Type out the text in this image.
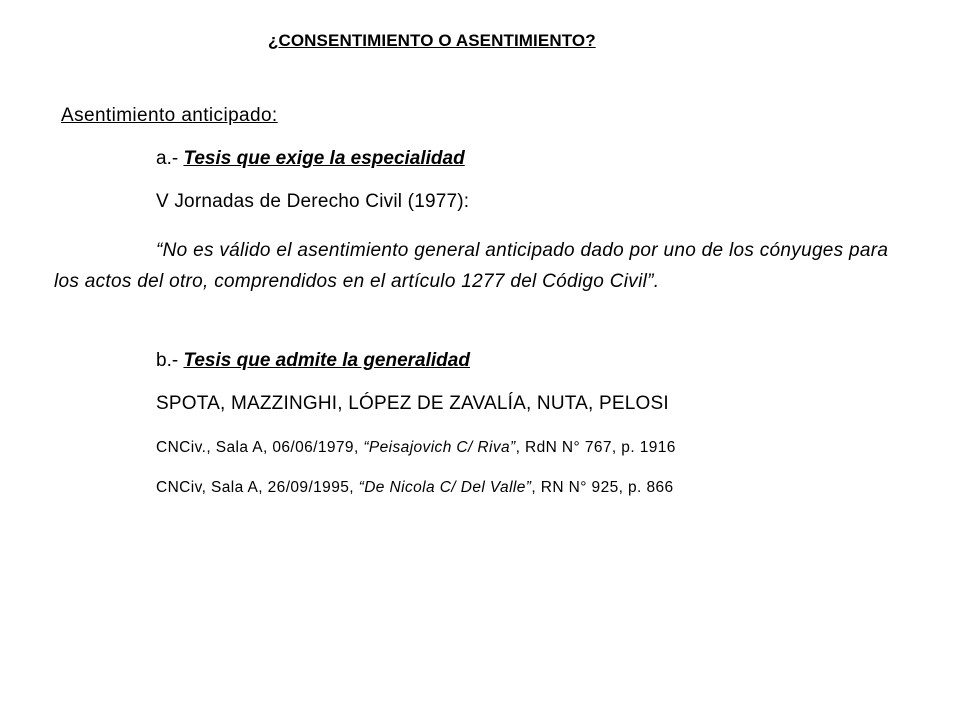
¿CONSENTIMIENTO O ASENTIMIENTO?
Asentimiento anticipado:
a.- Tesis que exige la especialidad
V Jornadas de Derecho Civil (1977):

“No es válido el asentimiento general anticipado dado por uno de los cónyuges para los actos del otro, comprendidos en el artículo 1277 del Código Civil”.

b.- Tesis que admite la generalidad
SPOTA, MAZZINGHI, LÓPEZ DE ZAVALÍA, NUTA, PELOSI
CNCiv., Sala A, 06/06/1979, “Peisajovich C/ Riva”, RdN N° 767, p. 1916
CNCiv, Sala A, 26/09/1995, “De Nicola C/ Del Valle”, RN N° 925, p. 866
